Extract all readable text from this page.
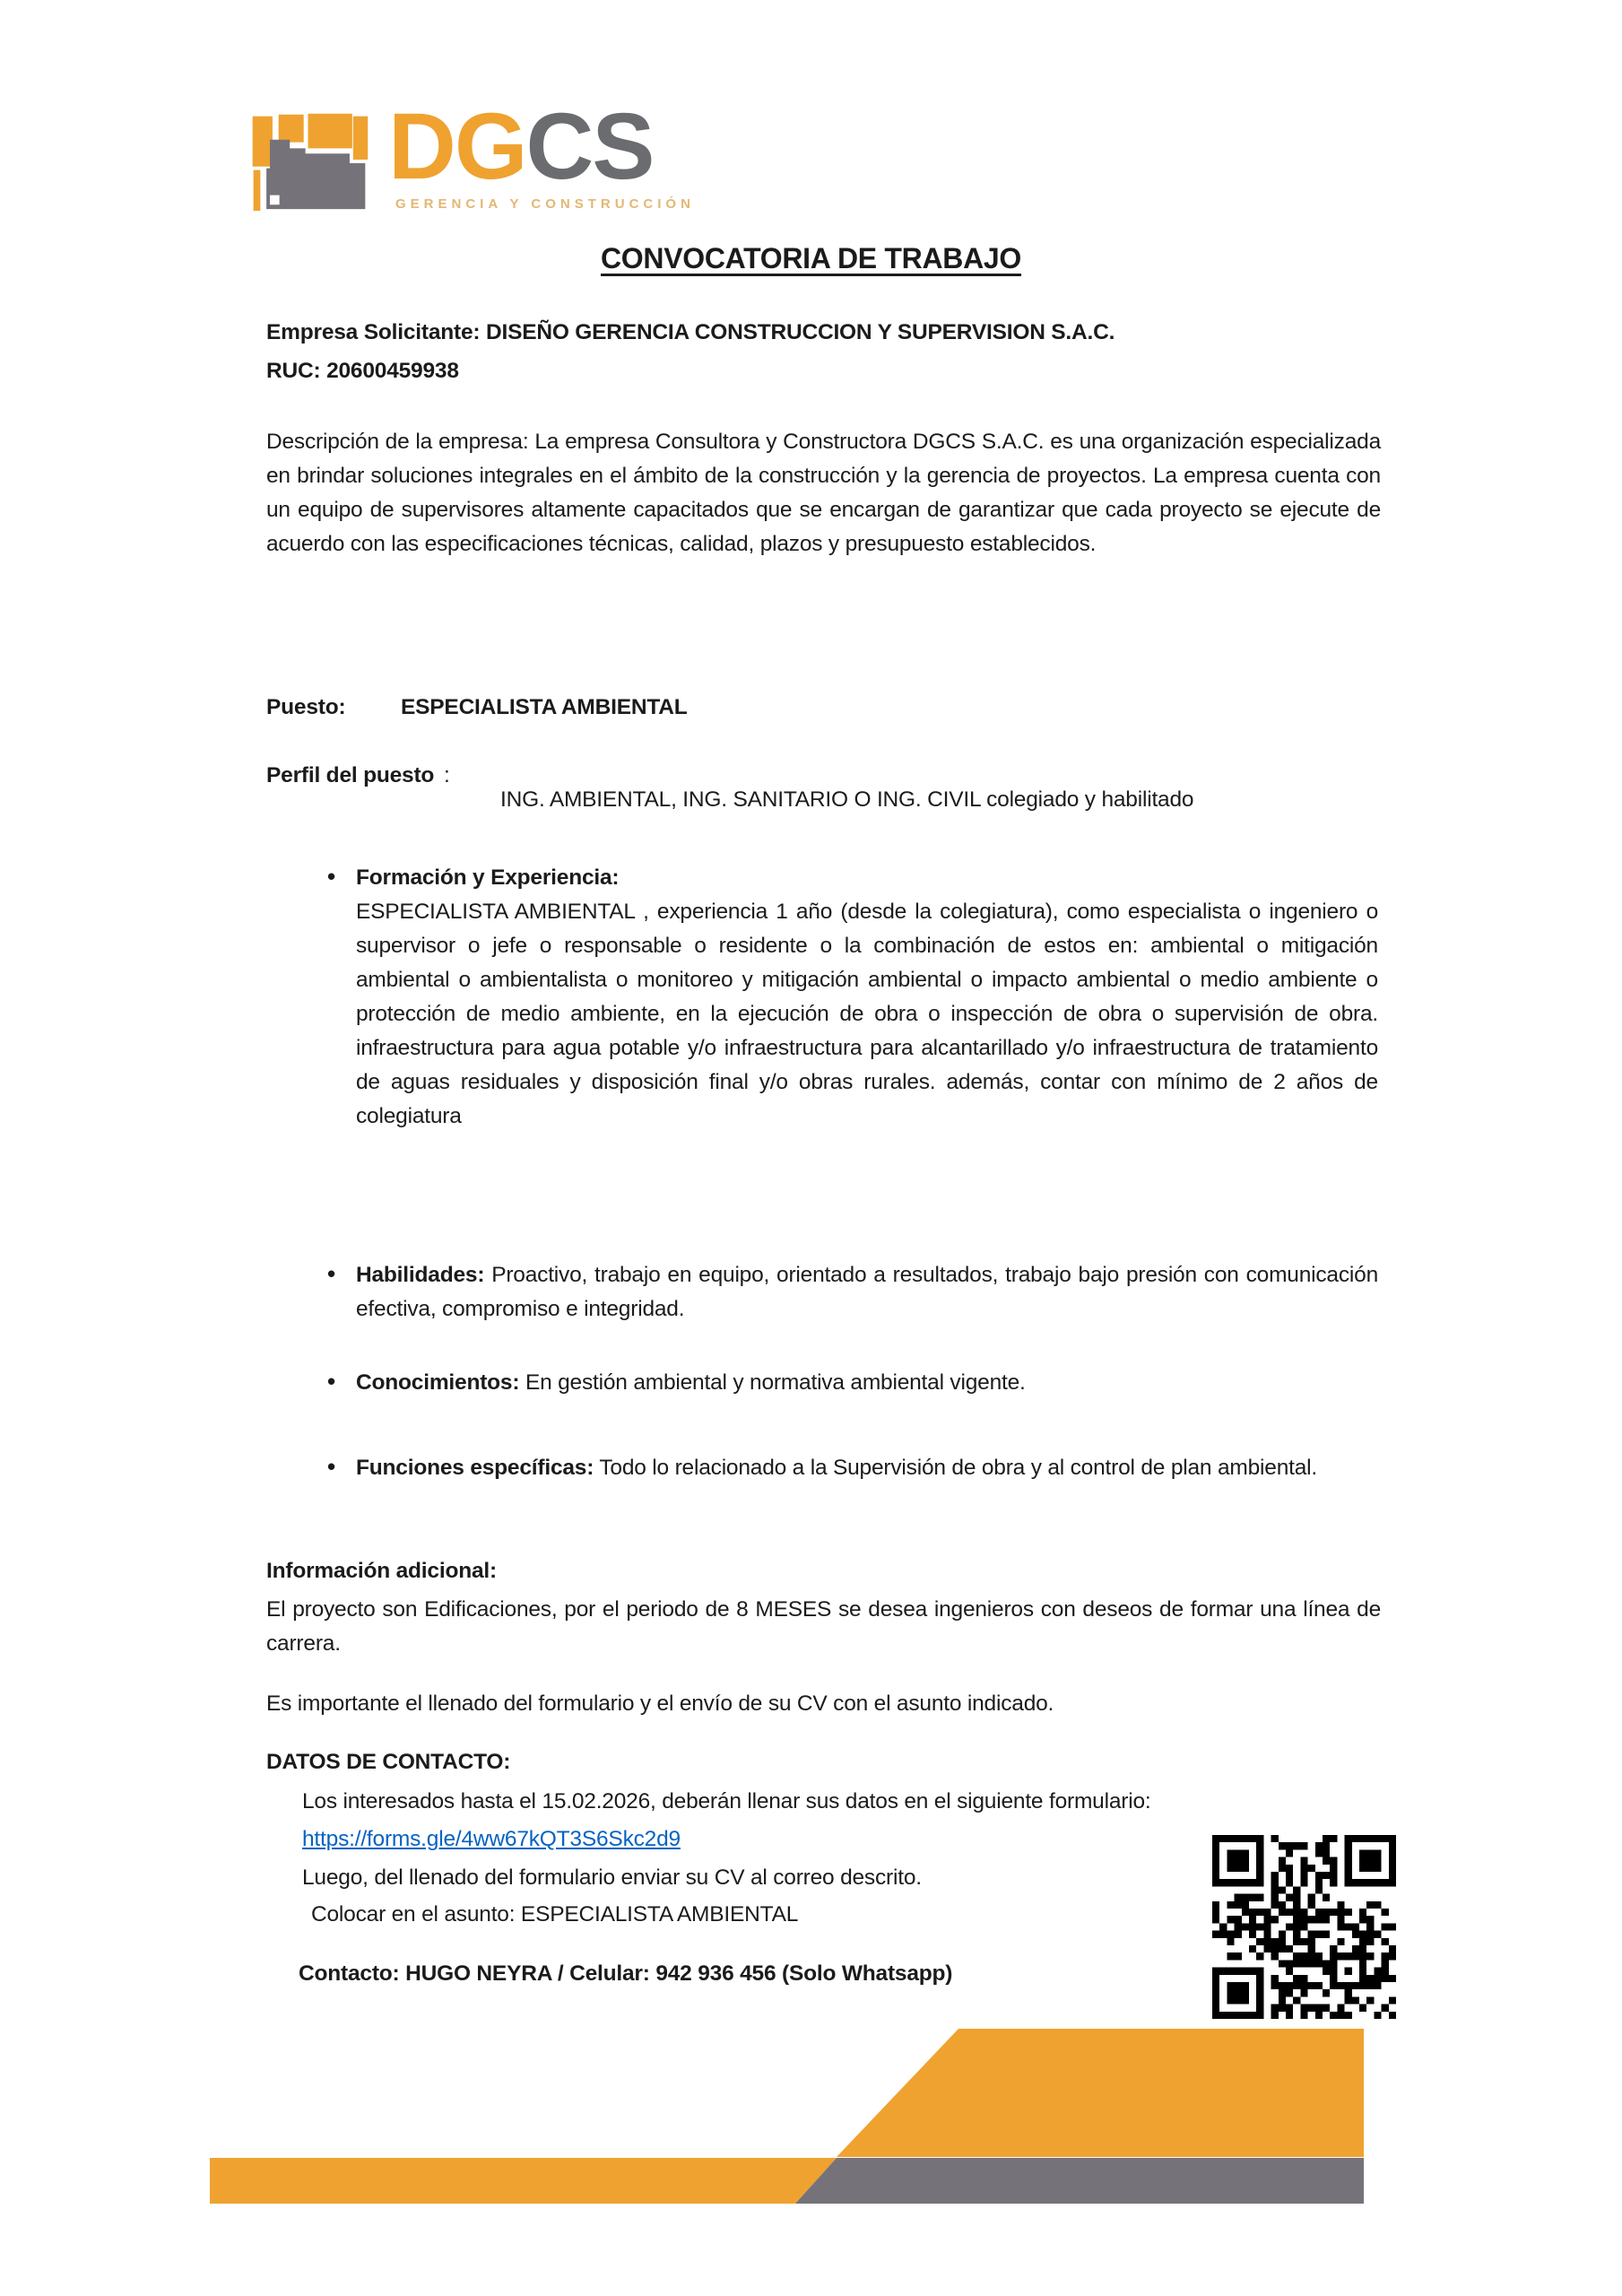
DGCS
GERENCIA Y CONSTRUCCIÓN
CONVOCATORIA DE TRABAJO
Empresa Solicitante: DISEÑO GERENCIA CONSTRUCCION Y SUPERVISION S.A.C.
RUC: 20600459938
Descripción de la empresa: La empresa Consultora y Constructora DGCS S.A.C. es una organización especializada en brindar soluciones integrales en el ámbito de la construcción y la gerencia de proyectos. La empresa cuenta con un equipo de supervisores altamente capacitados que se encargan de garantizar que cada proyecto se ejecute de acuerdo con las especificaciones técnicas, calidad, plazos y presupuesto establecidos.
Puesto:	ESPECIALISTA AMBIENTAL
Perfil del puesto :
ING. AMBIENTAL, ING. SANITARIO O ING. CIVIL colegiado y habilitado
• Formación y Experiencia:
ESPECIALISTA AMBIENTAL , experiencia 1 año (desde la colegiatura), como especialista o ingeniero o supervisor o jefe o responsable o residente o la combinación de estos en: ambiental o mitigación ambiental o ambientalista o monitoreo y mitigación ambiental o impacto ambiental o medio ambiente o protección de medio ambiente, en la ejecución de obra o inspección de obra o supervisión de obra. infraestructura para agua potable y/o infraestructura para alcantarillado y/o infraestructura de tratamiento de aguas residuales y disposición final y/o obras rurales. además, contar con mínimo de 2 años de colegiatura
• Habilidades: Proactivo, trabajo en equipo, orientado a resultados, trabajo bajo presión con comunicación efectiva, compromiso e integridad.
• Conocimientos: En gestión ambiental y normativa ambiental vigente.
• Funciones específicas: Todo lo relacionado a la Supervisión de obra y al control de plan ambiental.
Información adicional:
El proyecto son Edificaciones, por el periodo de 8 MESES se desea ingenieros con deseos de formar una línea de carrera.
Es importante el llenado del formulario y el envío de su CV con el asunto indicado.
DATOS DE CONTACTO:
Los interesados hasta el 15.02.2026, deberán llenar sus datos en el siguiente formulario:
https://forms.gle/4ww67kQT3S6Skc2d9
Luego, del llenado del formulario enviar su CV al correo descrito.
Colocar en el asunto: ESPECIALISTA AMBIENTAL
Contacto: HUGO NEYRA / Celular: 942 936 456 (Solo Whatsapp)
